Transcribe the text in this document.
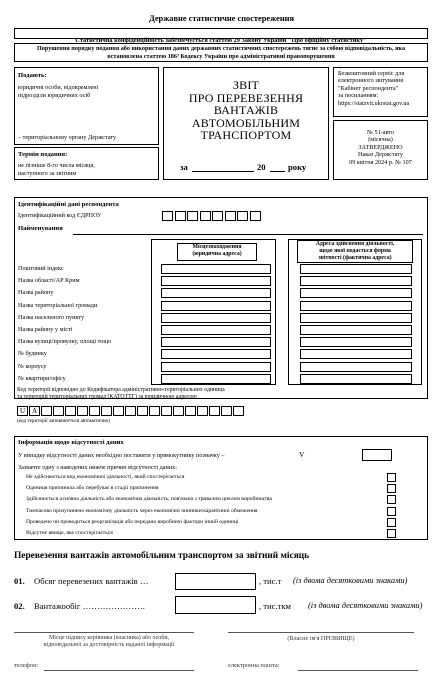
Державне статистичне спостереження
Статистична конфіденційність забезпечується статтею 29 Закону України "Про офіційну статистику"
Порушення порядку подання або використання даних державних статистичних спостережень тягне за собою відповідальність, яка встановлена статтею 186³ Кодексу України про адміністративні правопорушення
Подають:
юридичні особи, відокремлені
підрозділи юридичних осіб
– територіальному органу Держстату
Термін подання:
не пізніше 8-го числа місяця,
наступного за звітним
ЗВІТ
ПРО ПЕРЕВЕЗЕННЯ
ВАНТАЖІВ
АВТОМОБІЛЬНИМ
ТРАНСПОРТОМ
за	20	року
Безкоштовний сервіс для
електронного звітування
"Кабінет респондента"
за посиланням:
https://statzvit.ukrstat.gov.ua
№ 51-авто
(місячна)
ЗАТВЕРДЖЕНО
Наказ Держстату
09 квітня 2024 р. № 107
Ідентифікаційні дані респондента
Ідентифікаційний код ЄДРПОУ
Найменування
Місцезнаходження
(юридична адреса)
Адреса здійснення діяльності,
щодо якої подається форма
звітності (фактична адреса)
Поштовий індекс
Назва області/АР Крим
Назва району
Назва територіальної громади
Назва населеного пункту
Назва району у місті
Назва вулиці/провулку, площі тощо
№ будинку
№ корпусу
№ квартири/офісу
Код території відповідно до Кодифікатора адміністративно-територіальних одиниць
та територій територіальних громад (КАТОТТГ) за юридичною адресою
U A
(код території заповнюється автоматично)
Інформація щодо відсутності даних
У випадку відсутності даних необхідно поставити у прямокутнику позначку –	V
Зазначте одну з наведених нижче причин відсутності даних:
Не здійснюється вид економічної діяльності, який спостерігається
Одиниця припинила або перебуває в стадії припинення
Здійснюється основна діяльність або економічна діяльність, пов'язана з тривалим циклом виробництва
Тимчасово призупинено економічну діяльність через економічні чинники/карантинні обмеження
Проведено чи проводиться реорганізація або передано виробничі фактори іншій одиниці
Відсутнє явище, яке спостерігається
Перевезення вантажів автомобільним транспортом за звітний місяць
01. Обсяг перевезених вантажів …	, тис.т (із двома десятковими знаками)
02. Вантажообіг ………………….	, тис.ткм (із двома десятковими знаками)
Місце підпису керівника (власника) або особи,
відповідальної за достовірність наданої інформації
(Власне ім'я ПРІЗВИЩЕ)
телефон:	електронна пошта:
